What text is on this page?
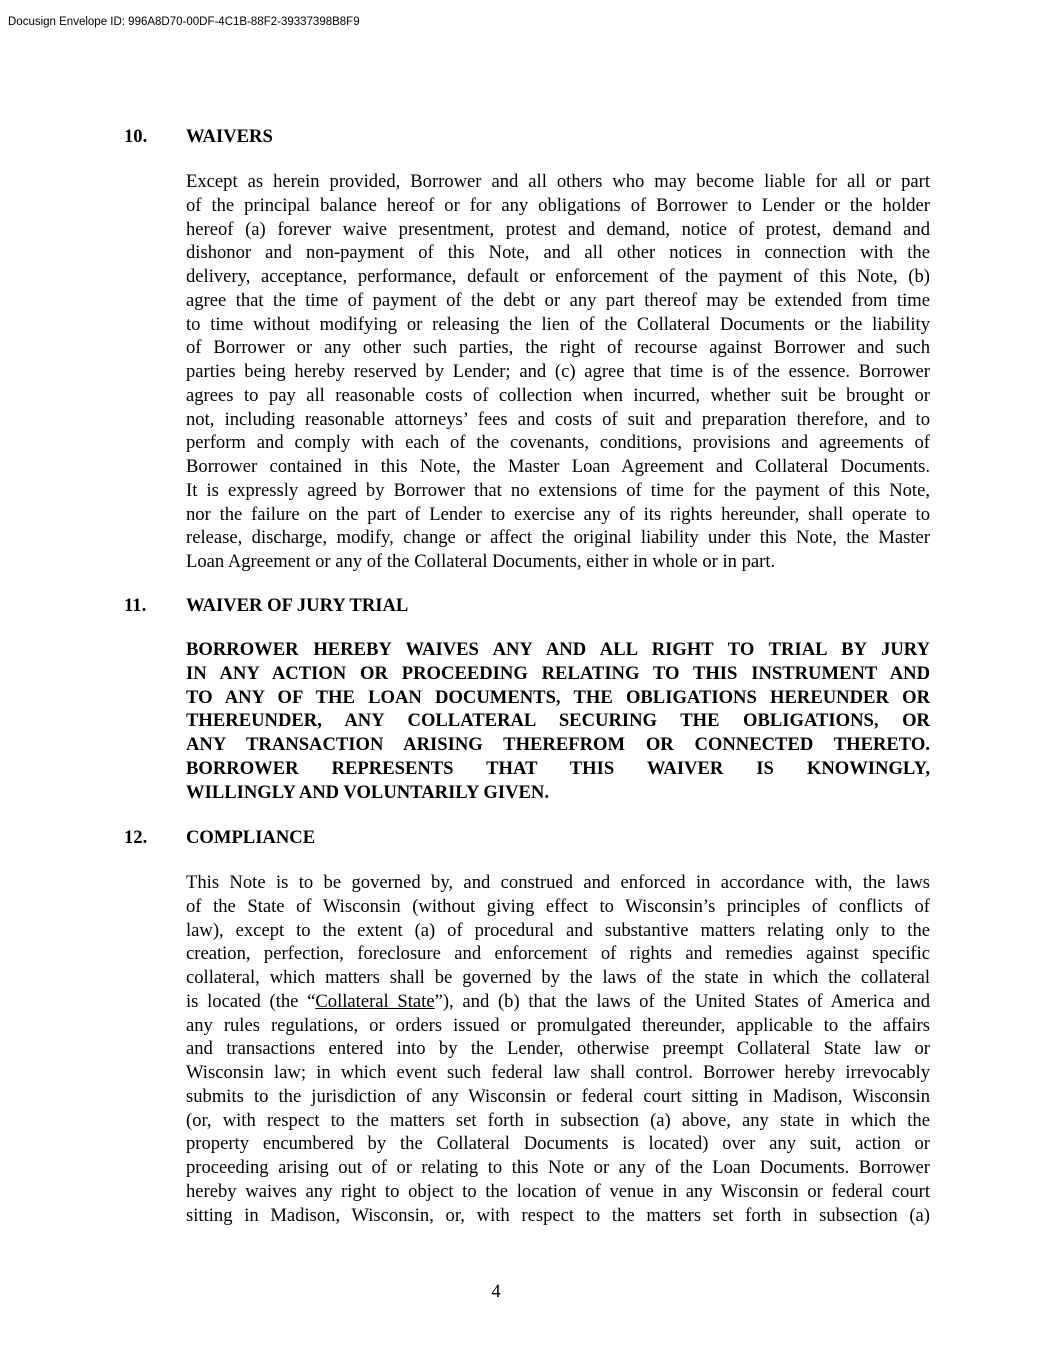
Docusign Envelope ID: 996A8D70-00DF-4C1B-88F2-39337398B8F9
10. WAIVERS
Except as herein provided, Borrower and all others who may become liable for all or part
of the principal balance hereof or for any obligations of Borrower to Lender or the holder
hereof (a) forever waive presentment, protest and demand, notice of protest, demand and
dishonor and non-payment of this Note, and all other notices in connection with the
delivery, acceptance, performance, default or enforcement of the payment of this Note, (b)
agree that the time of payment of the debt or any part thereof may be extended from time
to time without modifying or releasing the lien of the Collateral Documents or the liability
of Borrower or any other such parties, the right of recourse against Borrower and such
parties being hereby reserved by Lender; and (c) agree that time is of the essence. Borrower
agrees to pay all reasonable costs of collection when incurred, whether suit be brought or
not, including reasonable attorneys’ fees and costs of suit and preparation therefore, and to
perform and comply with each of the covenants, conditions, provisions and agreements of
Borrower contained in this Note, the Master Loan Agreement and Collateral Documents.
It is expressly agreed by Borrower that no extensions of time for the payment of this Note,
nor the failure on the part of Lender to exercise any of its rights hereunder, shall operate to
release, discharge, modify, change or affect the original liability under this Note, the Master
Loan Agreement or any of the Collateral Documents, either in whole or in part.
11. WAIVER OF JURY TRIAL
BORROWER HEREBY WAIVES ANY AND ALL RIGHT TO TRIAL BY JURY
IN ANY ACTION OR PROCEEDING RELATING TO THIS INSTRUMENT AND
TO ANY OF THE LOAN DOCUMENTS, THE OBLIGATIONS HEREUNDER OR
THEREUNDER, ANY COLLATERAL SECURING THE OBLIGATIONS, OR
ANY TRANSACTION ARISING THEREFROM OR CONNECTED THERETO.
BORROWER REPRESENTS THAT THIS WAIVER IS KNOWINGLY,
WILLINGLY AND VOLUNTARILY GIVEN.
12. COMPLIANCE
This Note is to be governed by, and construed and enforced in accordance with, the laws
of the State of Wisconsin (without giving effect to Wisconsin’s principles of conflicts of
law), except to the extent (a) of procedural and substantive matters relating only to the
creation, perfection, foreclosure and enforcement of rights and remedies against specific
collateral, which matters shall be governed by the laws of the state in which the collateral
is located (the “Collateral State”), and (b) that the laws of the United States of America and
any rules regulations, or orders issued or promulgated thereunder, applicable to the affairs
and transactions entered into by the Lender, otherwise preempt Collateral State law or
Wisconsin law; in which event such federal law shall control. Borrower hereby irrevocably
submits to the jurisdiction of any Wisconsin or federal court sitting in Madison, Wisconsin
(or, with respect to the matters set forth in subsection (a) above, any state in which the
property encumbered by the Collateral Documents is located) over any suit, action or
proceeding arising out of or relating to this Note or any of the Loan Documents. Borrower
hereby waives any right to object to the location of venue in any Wisconsin or federal court
sitting in Madison, Wisconsin, or, with respect to the matters set forth in subsection (a)
4
